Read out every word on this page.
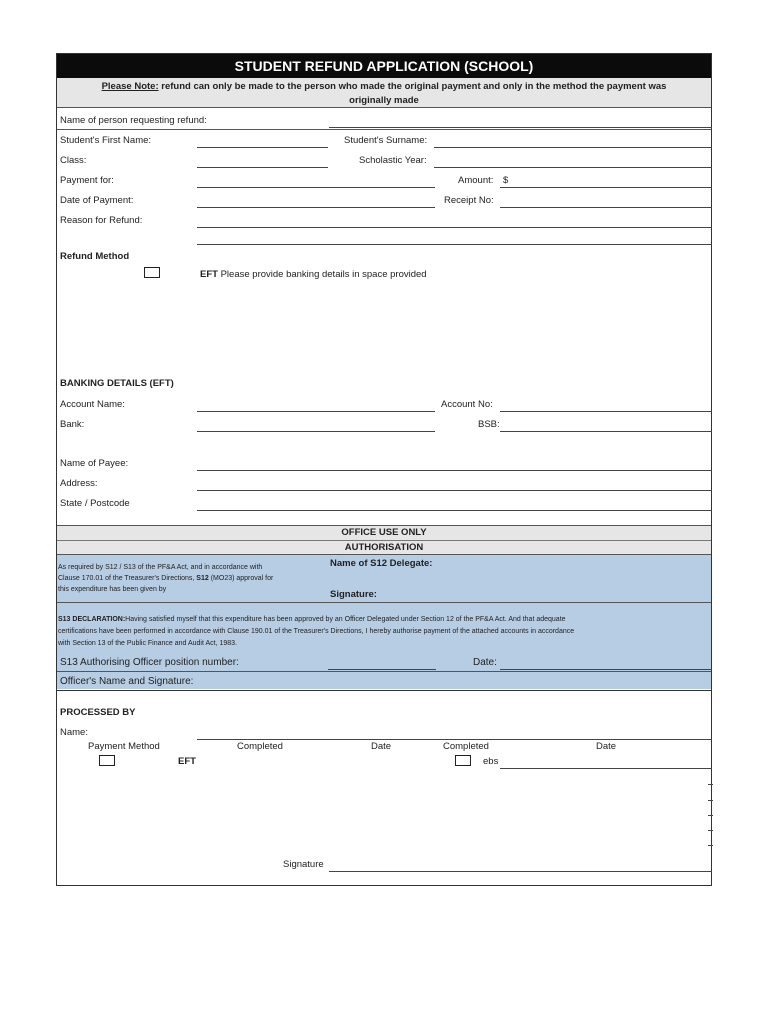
STUDENT REFUND APPLICATION (SCHOOL)
Please Note: refund can only be made to the person who made the original payment and only in the method the payment was
originally made
Name of person requesting refund:
Student's First Name:	Student's Surname:
Class:	Scholastic Year:
Payment for:	Amount: $
Date of Payment:	Receipt No:
Reason for Refund:
Refund Method
EFT Please provide banking details in space provided
BANKING DETAILS (EFT)
Account Name:	Account No:
Bank:	BSB:
Name of Payee:
Address:
State / Postcode
OFFICE USE ONLY
AUTHORISATION
As required by S12 / S13 of the PF&A Act, and in accordance with
Clause 170.01 of the Treasurer's Directions, S12 (MO23) approval for
this expenditure has been given by
Name of S12 Delegate:
Signature:
S13 DECLARATION:Having satisfied myself that this expenditure has been approved by an Officer Delegated under Section 12 of the PF&A Act. And that adequate
certifications have been performed in accordance with Clause 190.01 of the Treasurer's Directions, I hereby authorise payment of the attached accounts in accordance
with Section 13 of the Public Finance and Audit Act, 1983.
S13 Authorising Officer position number:	Date:
Officer's Name and Signature:
PROCESSED BY
Name:
Payment Method	Completed	Date	Completed	Date
EFT	ebs
Signature
